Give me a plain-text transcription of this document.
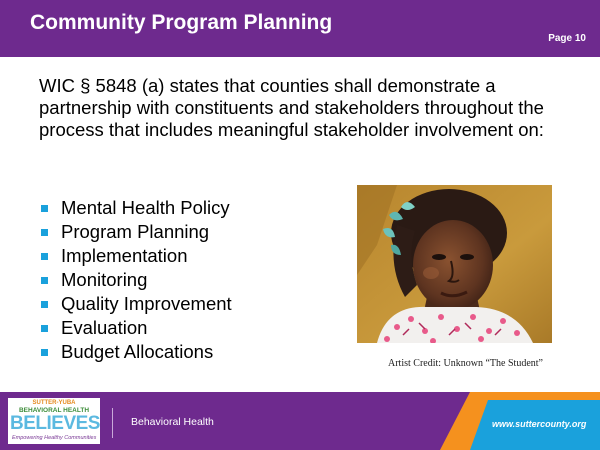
Community Program Planning
Page 10
WIC § 5848 (a) states that counties shall demonstrate a partnership with constituents and stakeholders throughout the process that includes meaningful stakeholder involvement on:
Mental Health Policy
Program Planning
Implementation
Monitoring
Quality Improvement
Evaluation
Budget Allocations
Artist Credit: Unknown “The Student”
Behavioral Health	www.suttercounty.org
SUTTER-YUBA
BEHAVIORAL HEALTH
BELIEVES
Empowering Healthy Communities
